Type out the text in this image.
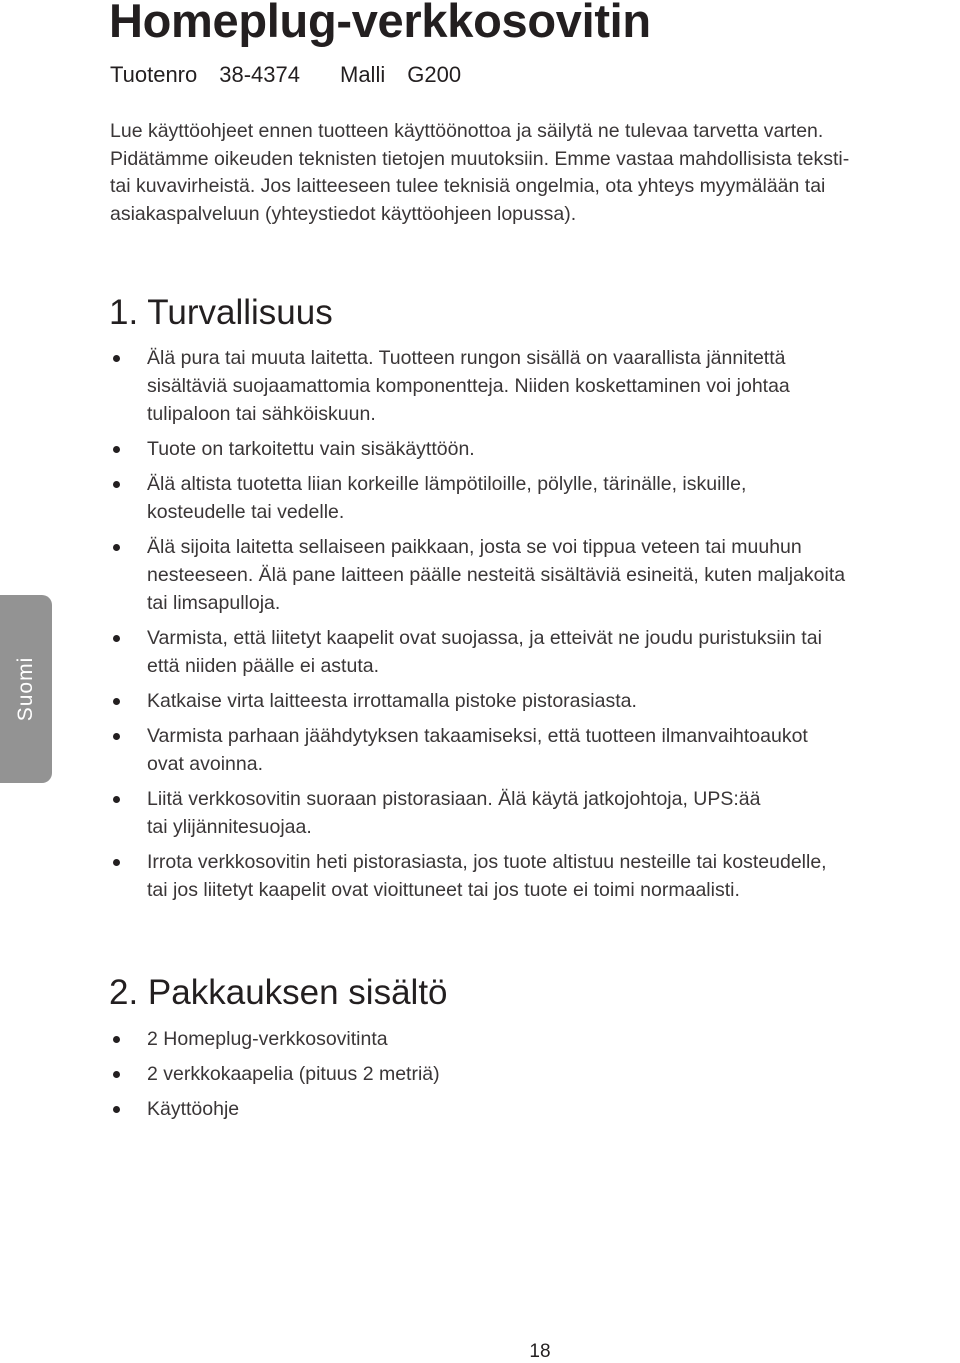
Homeplug-verkkosovitin
Tuotenro 38-4374 Malli G200
Lue käyttöohjeet ennen tuotteen käyttöönottoa ja säilytä ne tulevaa tarvetta varten.
Pidätämme oikeuden teknisten tietojen muutoksiin. Emme vastaa mahdollisista teksti-
tai kuvavirheistä. Jos laitteeseen tulee teknisiä ongelmia, ota yhteys myymälään tai
asiakaspalveluun (yhteystiedot käyttöohjeen lopussa).
1. Turvallisuus
Älä pura tai muuta laitetta. Tuotteen rungon sisällä on vaarallista jännitettä
sisältäviä suojaamattomia komponentteja. Niiden koskettaminen voi johtaa
tulipaloon tai sähköiskuun.
Tuote on tarkoitettu vain sisäkäyttöön.
Älä altista tuotetta liian korkeille lämpötiloille, pölylle, tärinälle, iskuille,
kosteudelle tai vedelle.
Älä sijoita laitetta sellaiseen paikkaan, josta se voi tippua veteen tai muuhun
nesteeseen. Älä pane laitteen päälle nesteitä sisältäviä esineitä, kuten maljakoita
tai limsapulloja.
Varmista, että liitetyt kaapelit ovat suojassa, ja etteivät ne joudu puristuksiin tai
että niiden päälle ei astuta.
Katkaise virta laitteesta irrottamalla pistoke pistorasiasta.
Varmista parhaan jäähdytyksen takaamiseksi, että tuotteen ilmanvaihtoaukot
ovat avoinna.
Liitä verkkosovitin suoraan pistorasiaan. Älä käytä jatkojohtoja, UPS:ää
tai ylijännitesuojaa.
Irrota verkkosovitin heti pistorasiasta, jos tuote altistuu nesteille tai kosteudelle,
tai jos liitetyt kaapelit ovat vioittuneet tai jos tuote ei toimi normaalisti.
2. Pakkauksen sisältö
2 Homeplug-verkkosovitinta
2 verkkokaapelia (pituus 2 metriä)
Käyttöohje
Suomi
18
